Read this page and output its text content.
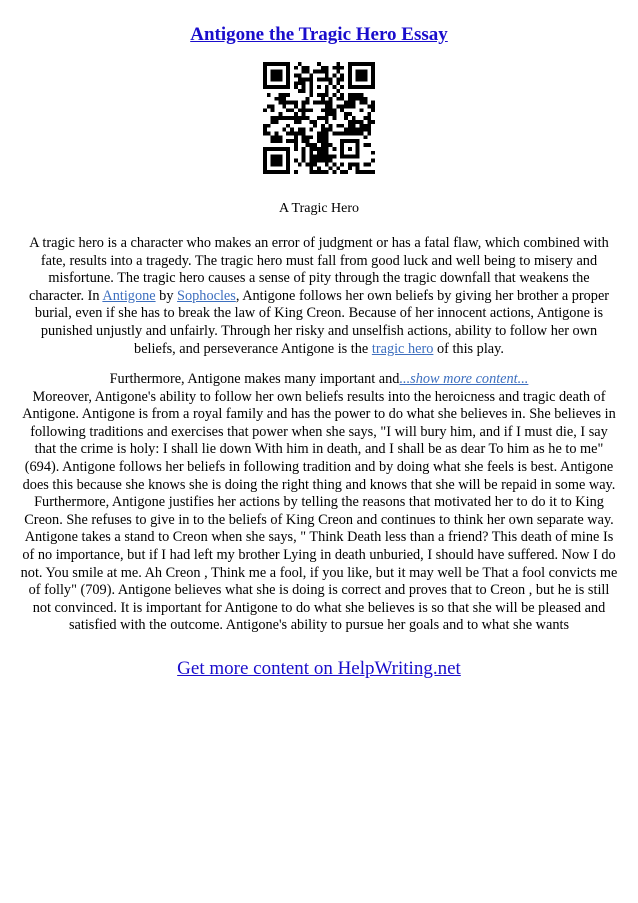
Antigone the Tragic Hero Essay
A Tragic Hero

A tragic hero is a character who makes an error of judgment or has a fatal flaw, which combined with fate, results into a tragedy. The tragic hero must fall from good luck and well being to misery and misfortune. The tragic hero causes a sense of pity through the tragic downfall that weakens the character. In Antigone by Sophocles, Antigone follows her own beliefs by giving her brother a proper burial, even if she has to break the law of King Creon. Because of her innocent actions, Antigone is punished unjustly and unfairly. Through her risky and unselfish actions, ability to follow her own beliefs, and perseverance Antigone is the tragic hero of this play.

Furthermore, Antigone makes many important and...show more content...
Moreover, Antigone's ability to follow her own beliefs results into the heroicness and tragic death of Antigone. Antigone is from a royal family and has the power to do what she believes in. She believes in following traditions and exercises that power when she says, "I will bury him, and if I must die, I say that the crime is holy: I shall lie down With him in death, and I shall be as dear To him as he to me" (694). Antigone follows her beliefs in following tradition and by doing what she feels is best. Antigone does this because she knows she is doing the right thing and knows that she will be repaid in some way. Furthermore, Antigone justifies her actions by telling the reasons that motivated her to do it to King Creon. She refuses to give in to the beliefs of King Creon and continues to think her own separate way. Antigone takes a stand to Creon when she says, " Think Death less than a friend? This death of mine Is of no importance, but if I had left my brother Lying in death unburied, I should have suffered. Now I do not. You smile at me. Ah Creon , Think me a fool, if you like, but it may well be That a fool convicts me of folly" (709). Antigone believes what she is doing is correct and proves that to Creon , but he is still not convinced. It is important for Antigone to do what she believes is so that she will be pleased and satisfied with the outcome. Antigone's ability to pursue her goals and to what she wants

Get more content on HelpWriting.net
